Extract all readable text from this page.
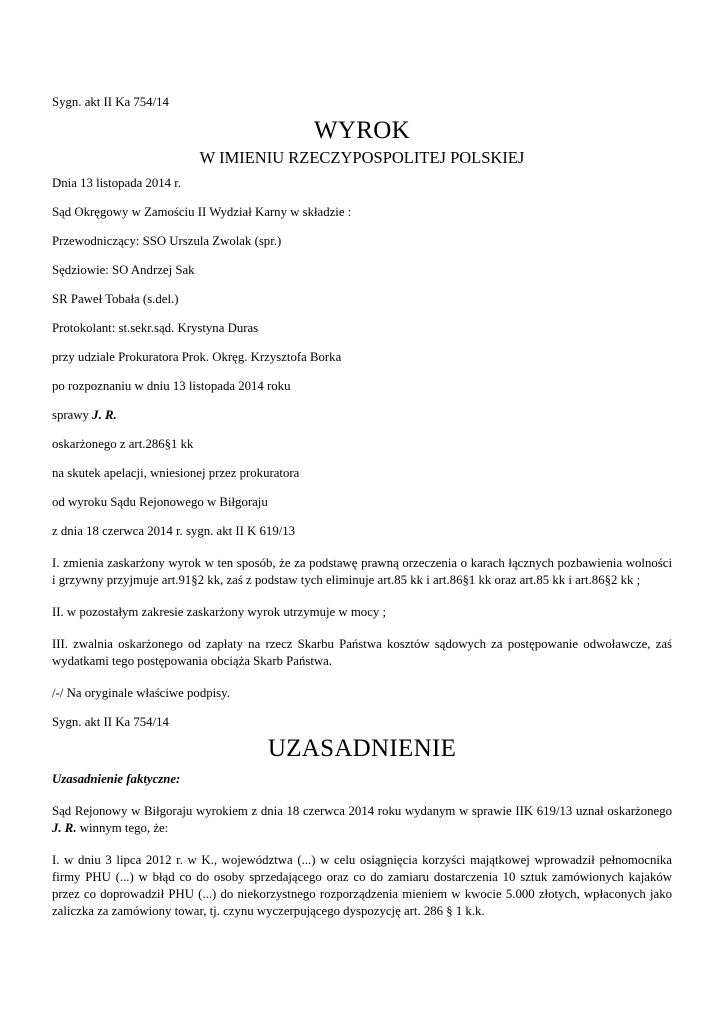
Sygn. akt II Ka 754/14

WYROK

W IMIENIU RZECZYPOSPOLITEJ POLSKIEJ

Dnia 13 listopada 2014 r.

Sąd Okręgowy w Zamościu II Wydział Karny w składzie :

Przewodniczący: SSO Urszula Zwolak (spr.)

Sędziowie: SO Andrzej Sak

SR Paweł Tobała (s.del.)

Protokolant: st.sekr.sąd. Krystyna Duras

przy udziale Prokuratora Prok. Okręg. Krzysztofa Borka

po rozpoznaniu w dniu 13 listopada 2014 roku

sprawy J. R.

oskarżonego z art.286§1 kk

na skutek apelacji, wniesionej przez prokuratora

od wyroku Sądu Rejonowego w Biłgoraju

z dnia 18 czerwca 2014 r. sygn. akt II K 619/13

I. zmienia zaskarżony wyrok w ten sposób, że za podstawę prawną orzeczenia o karach łącznych pozbawienia wolności i grzywny przyjmuje art.91§2 kk, zaś z podstaw tych eliminuje art.85 kk i art.86§1 kk oraz art.85 kk i art.86§2 kk ;

II. w pozostałym zakresie zaskarżony wyrok utrzymuje w mocy ;

III. zwalnia oskarżonego od zapłaty na rzecz Skarbu Państwa kosztów sądowych za postępowanie odwoławcze, zaś wydatkami tego postępowania obciąża Skarb Państwa.

/-/ Na oryginale właściwe podpisy.

Sygn. akt II Ka 754/14

UZASADNIENIE

Uzasadnienie faktyczne:

Sąd Rejonowy w Biłgoraju wyrokiem z dnia 18 czerwca 2014 roku wydanym w sprawie IIK 619/13 uznał oskarżonego J. R. winnym tego, że:

I. w dniu 3 lipca 2012 r. w K., województwa (...) w celu osiągnięcia korzyści majątkowej wprowadził pełnomocnika firmy PHU (...) w błąd co do osoby sprzedającego oraz co do zamiaru dostarczenia 10 sztuk zamówionych kajaków przez co doprowadził PHU (...) do niekorzystnego rozporządzenia mieniem w kwocie 5.000 złotych, wpłaconych jako zaliczka za zamówiony towar, tj. czynu wyczerpującego dyspozycję art. 286 § 1 k.k.
